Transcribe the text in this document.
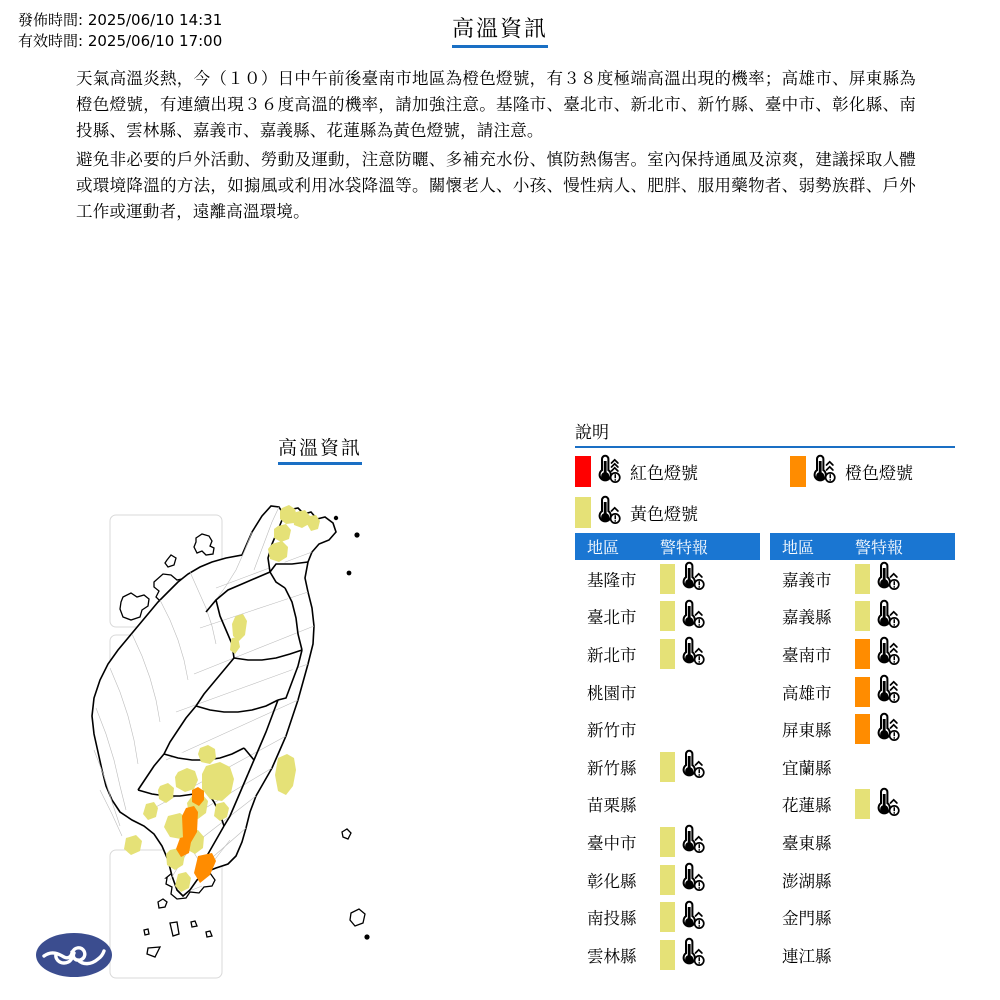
發佈時間: 2025/06/10 14:31
有效時間: 2025/06/10 17:00	高溫資訊

天氣高溫炎熱，今（１０）日中午前後臺南市地區為橙色燈號，有３８度極端高溫出現的機率；高雄市、屏東縣為橙色燈號，有連續出現３６度高溫的機率，請加強注意。基隆市、臺北市、新北市、新竹縣、臺中市、彰化縣、南投縣、雲林縣、嘉義市、嘉義縣、花蓮縣為黃色燈號，請注意。

避免非必要的戶外活動、勞動及運動，注意防曬、多補充水份、慎防熱傷害。室內保持通風及涼爽，建議採取人體或環境降溫的方法，如搧風或利用冰袋降溫等。關懷老人、小孩、慢性病人、肥胖、服用藥物者、弱勢族群、戶外工作或運動者，遠離高溫環境。

高溫資訊
說明
紅色燈號	橙色燈號
黃色燈號
地區	警特報
基隆市
臺北市
新北市
桃園市
新竹市
新竹縣
苗栗縣
臺中市
彰化縣
南投縣
雲林縣
地區	警特報
嘉義市
嘉義縣
臺南市
高雄市
屏東縣
宜蘭縣
花蓮縣
臺東縣
澎湖縣
金門縣
連江縣
